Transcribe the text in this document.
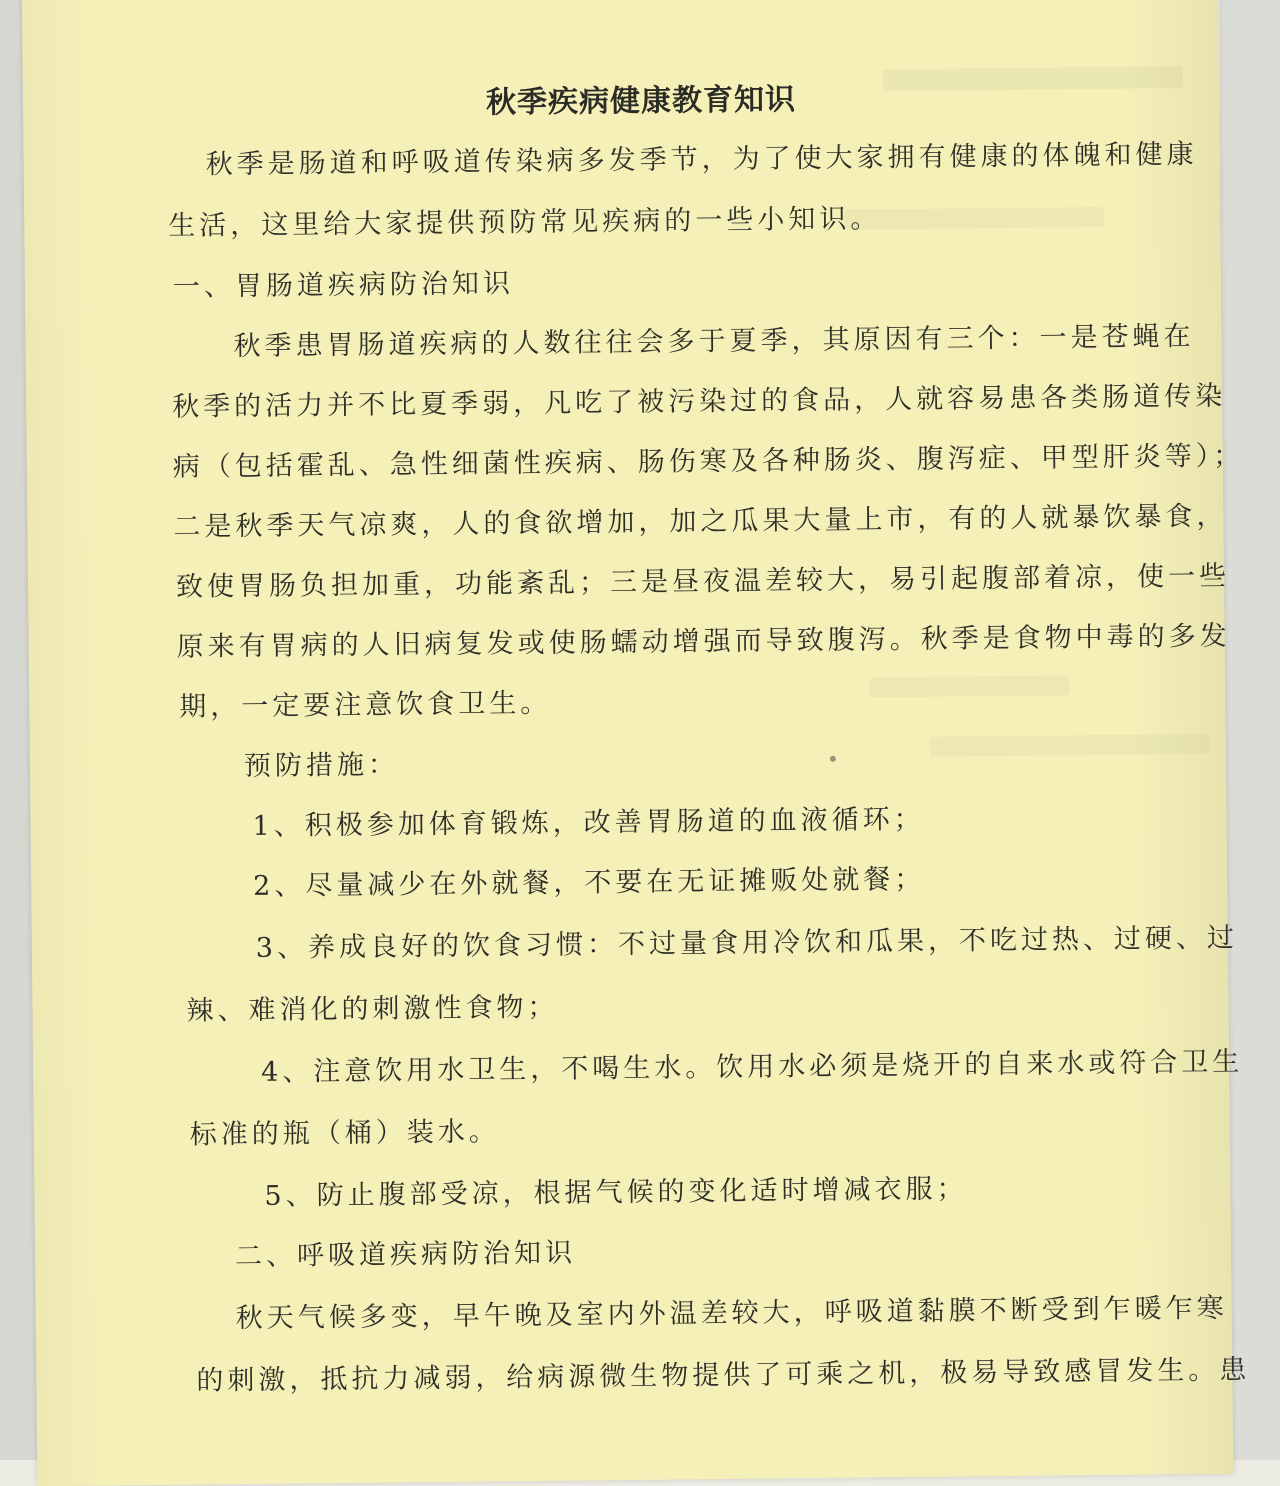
秋季疾病健康教育知识

秋季是肠道和呼吸道传染病多发季节，为了使大家拥有健康的体魄和健康

生活，这里给大家提供预防常见疾病的一些小知识。

一、胃肠道疾病防治知识

秋季患胃肠道疾病的人数往往会多于夏季，其原因有三个：一是苍蝇在

秋季的活力并不比夏季弱，凡吃了被污染过的食品，人就容易患各类肠道传染

病（包括霍乱、急性细菌性疾病、肠伤寒及各种肠炎、腹泻症、甲型肝炎等）；

二是秋季天气凉爽，人的食欲增加，加之瓜果大量上市，有的人就暴饮暴食，

致使胃肠负担加重，功能紊乱；三是昼夜温差较大，易引起腹部着凉，使一些

原来有胃病的人旧病复发或使肠蠕动增强而导致腹泻。秋季是食物中毒的多发

期，一定要注意饮食卫生。

预防措施：

1、积极参加体育锻炼，改善胃肠道的血液循环；

2、尽量减少在外就餐，不要在无证摊贩处就餐；

3、养成良好的饮食习惯：不过量食用冷饮和瓜果，不吃过热、过硬、过

辣、难消化的刺激性食物；

4、注意饮用水卫生，不喝生水。饮用水必须是烧开的自来水或符合卫生

标准的瓶（桶）装水。

5、防止腹部受凉，根据气候的变化适时增减衣服；

二、呼吸道疾病防治知识

秋天气候多变，早午晚及室内外温差较大，呼吸道黏膜不断受到乍暖乍寒

的刺激，抵抗力减弱，给病源微生物提供了可乘之机，极易导致感冒发生。患
